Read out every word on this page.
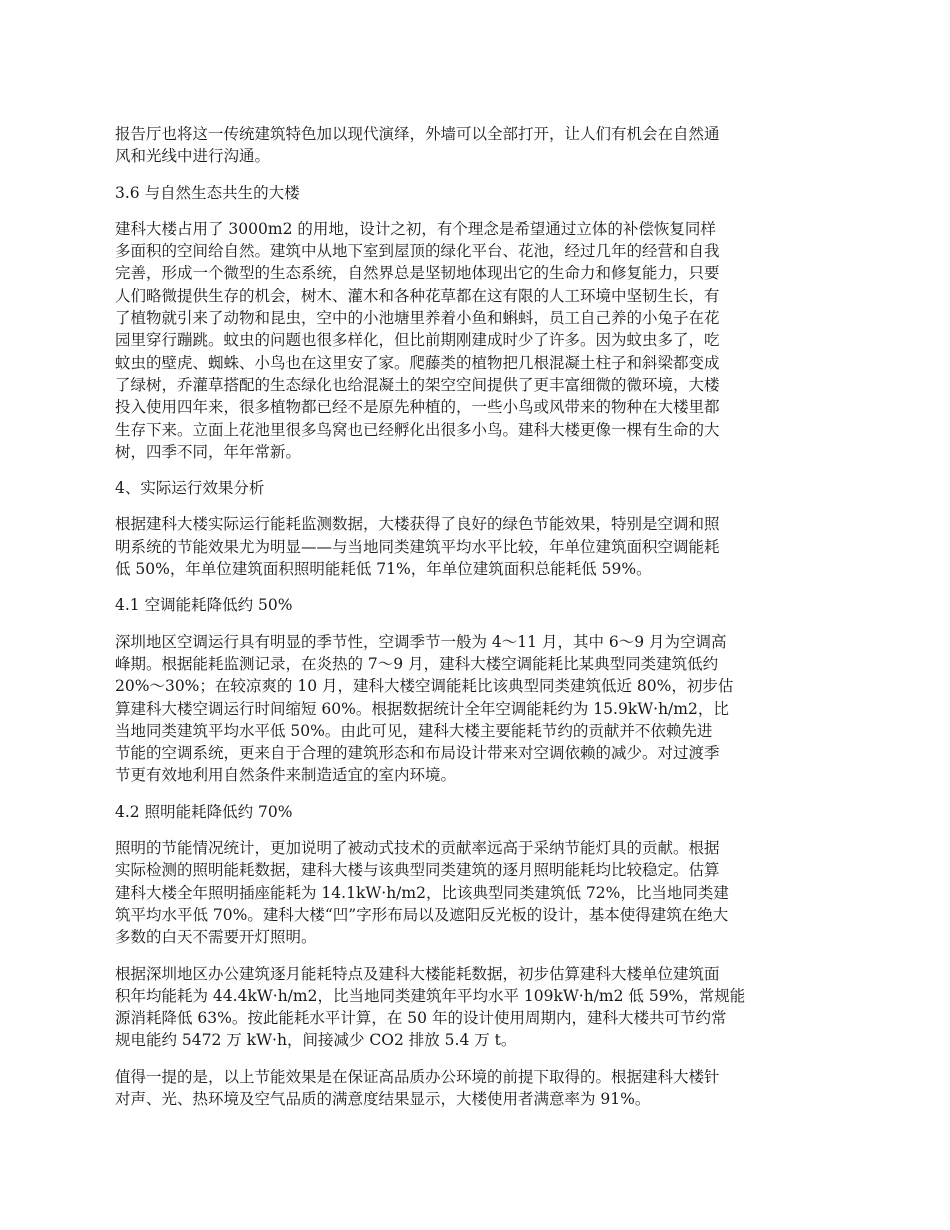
报告厅也将这一传统建筑特色加以现代演绎，外墙可以全部打开，让人们有机会在自然通
风和光线中进行沟通。

3.6 与自然生态共生的大楼

建科大楼占用了 3000m2 的用地，设计之初，有个理念是希望通过立体的补偿恢复同样
多面积的空间给自然。建筑中从地下室到屋顶的绿化平台、花池，经过几年的经营和自我
完善，形成一个微型的生态系统，自然界总是坚韧地体现出它的生命力和修复能力，只要
人们略微提供生存的机会，树木、灌木和各种花草都在这有限的人工环境中坚韧生长，有
了植物就引来了动物和昆虫，空中的小池塘里养着小鱼和蝌蚪，员工自己养的小兔子在花
园里穿行蹦跳。蚊虫的问题也很多样化，但比前期刚建成时少了许多。因为蚊虫多了，吃
蚊虫的壁虎、蜘蛛、小鸟也在这里安了家。爬藤类的植物把几根混凝土柱子和斜梁都变成
了绿树，乔灌草搭配的生态绿化也给混凝土的架空空间提供了更丰富细微的微环境，大楼
投入使用四年来，很多植物都已经不是原先种植的，一些小鸟或风带来的物种在大楼里都
生存下来。立面上花池里很多鸟窝也已经孵化出很多小鸟。建科大楼更像一棵有生命的大
树，四季不同，年年常新。

4、实际运行效果分析

根据建科大楼实际运行能耗监测数据，大楼获得了良好的绿色节能效果，特别是空调和照
明系统的节能效果尤为明显——与当地同类建筑平均水平比较，年单位建筑面积空调能耗
低 50%，年单位建筑面积照明能耗低 71%，年单位建筑面积总能耗低 59%。

4.1 空调能耗降低约 50%

深圳地区空调运行具有明显的季节性，空调季节一般为 4～11 月，其中 6～9 月为空调高
峰期。根据能耗监测记录，在炎热的 7～9 月，建科大楼空调能耗比某典型同类建筑低约
20%～30%；在较凉爽的 10 月，建科大楼空调能耗比该典型同类建筑低近 80%，初步估
算建科大楼空调运行时间缩短 60%。根据数据统计全年空调能耗约为 15.9kW·h/m2，比
当地同类建筑平均水平低 50%。由此可见，建科大楼主要能耗节约的贡献并不依赖先进
节能的空调系统，更来自于合理的建筑形态和布局设计带来对空调依赖的减少。对过渡季
节更有效地利用自然条件来制造适宜的室内环境。

4.2 照明能耗降低约 70%

照明的节能情况统计，更加说明了被动式技术的贡献率远高于采纳节能灯具的贡献。根据
实际检测的照明能耗数据，建科大楼与该典型同类建筑的逐月照明能耗均比较稳定。估算
建科大楼全年照明插座能耗为 14.1kW·h/m2，比该典型同类建筑低 72%，比当地同类建
筑平均水平低 70%。建科大楼“凹”字形布局以及遮阳反光板的设计，基本使得建筑在绝大
多数的白天不需要开灯照明。

根据深圳地区办公建筑逐月能耗特点及建科大楼能耗数据，初步估算建科大楼单位建筑面
积年均能耗为 44.4kW·h/m2，比当地同类建筑年平均水平 109kW·h/m2 低 59%，常规能
源消耗降低 63%。按此能耗水平计算，在 50 年的设计使用周期内，建科大楼共可节约常
规电能约 5472 万 kW·h，间接减少 CO2 排放 5.4 万 t。

值得一提的是，以上节能效果是在保证高品质办公环境的前提下取得的。根据建科大楼针
对声、光、热环境及空气品质的满意度结果显示，大楼使用者满意率为 91%。
